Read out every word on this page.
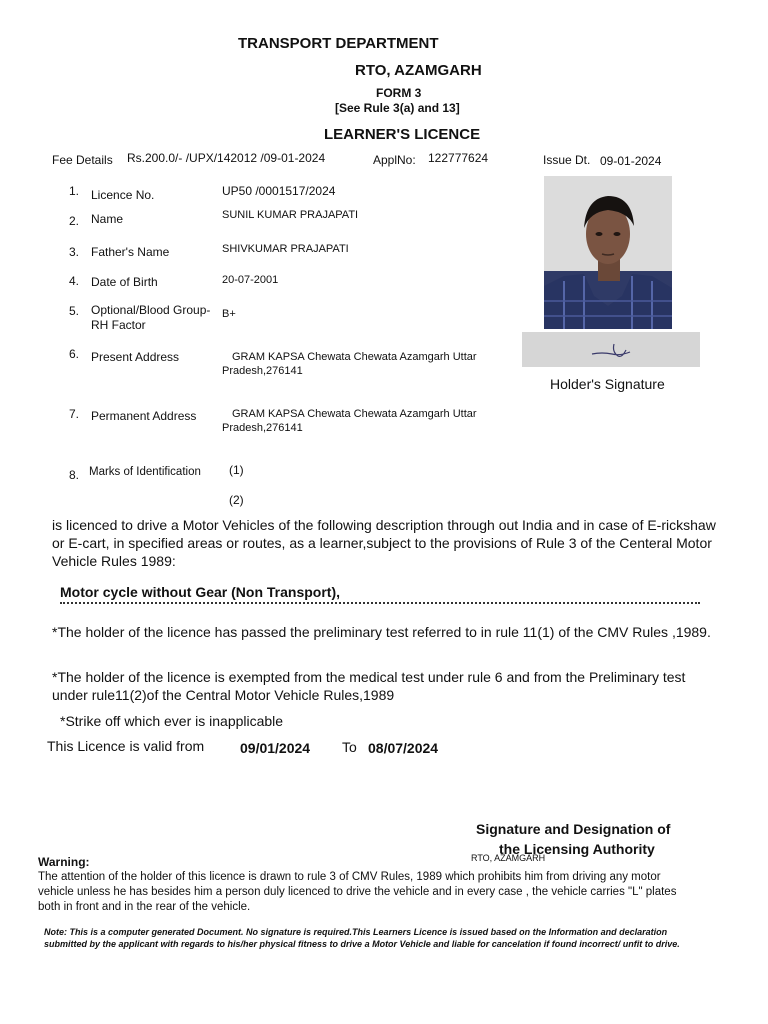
TRANSPORT DEPARTMENT
RTO, AZAMGARH
FORM 3
[See Rule 3(a) and 13]
LEARNER'S LICENCE
Fee Details Rs.200.0/- /UPX/142012 /09-01-2024	ApplNo: 122777624	Issue Dt. 09-01-2024
1. Licence No.	UP50 /0001517/2024
2. Name	SUNIL KUMAR PRAJAPATI
3. Father's Name	SHIVKUMAR PRAJAPATI
4. Date of Birth	20-07-2001
5. Optional/Blood Group-
RH Factor
B+
6. Present Address	GRAM KAPSA Chewata Chewata Azamgarh Uttar
Pradesh,276141
7. Permanent Address	GRAM KAPSA Chewata Chewata Azamgarh Uttar
Pradesh,276141
8. Marks of Identification (1)
(2)
Holder's Signature
is licenced to drive a Motor Vehicles of the following description through out India and in case of E-rickshaw or E-cart, in specified areas or routes, as a learner,subject to the provisions of Rule 3 of the Centeral Motor Vehicle Rules 1989:
Motor cycle without Gear (Non Transport),
*The holder of the licence has passed the preliminary test referred to in rule 11(1) of the CMV Rules ,1989.
*The holder of the licence is exempted from the medical test under rule 6 and from the Preliminary test under rule11(2)of the Central Motor Vehicle Rules,1989
*Strike off which ever is inapplicable
This Licence is valid from	09/01/2024 To 08/07/2024
Signature and Designation of
the Licensing Authority
RTO, AZAMGARH
Warning:
The attention of the holder of this licence is drawn to rule 3 of CMV Rules, 1989 which prohibits him from driving any motor vehicle unless he has besides him a person duly licenced to drive the vehicle and in every case , the vehicle carries "L" plates both in front and in the rear of the vehicle.
Note: This is a computer generated Document. No signature is required.This Learners Licence is issued based on the Information and declaration submitted by the applicant with regards to his/her physical fitness to drive a Motor Vehicle and liable for cancelation if found incorrect/ unfit to drive.
